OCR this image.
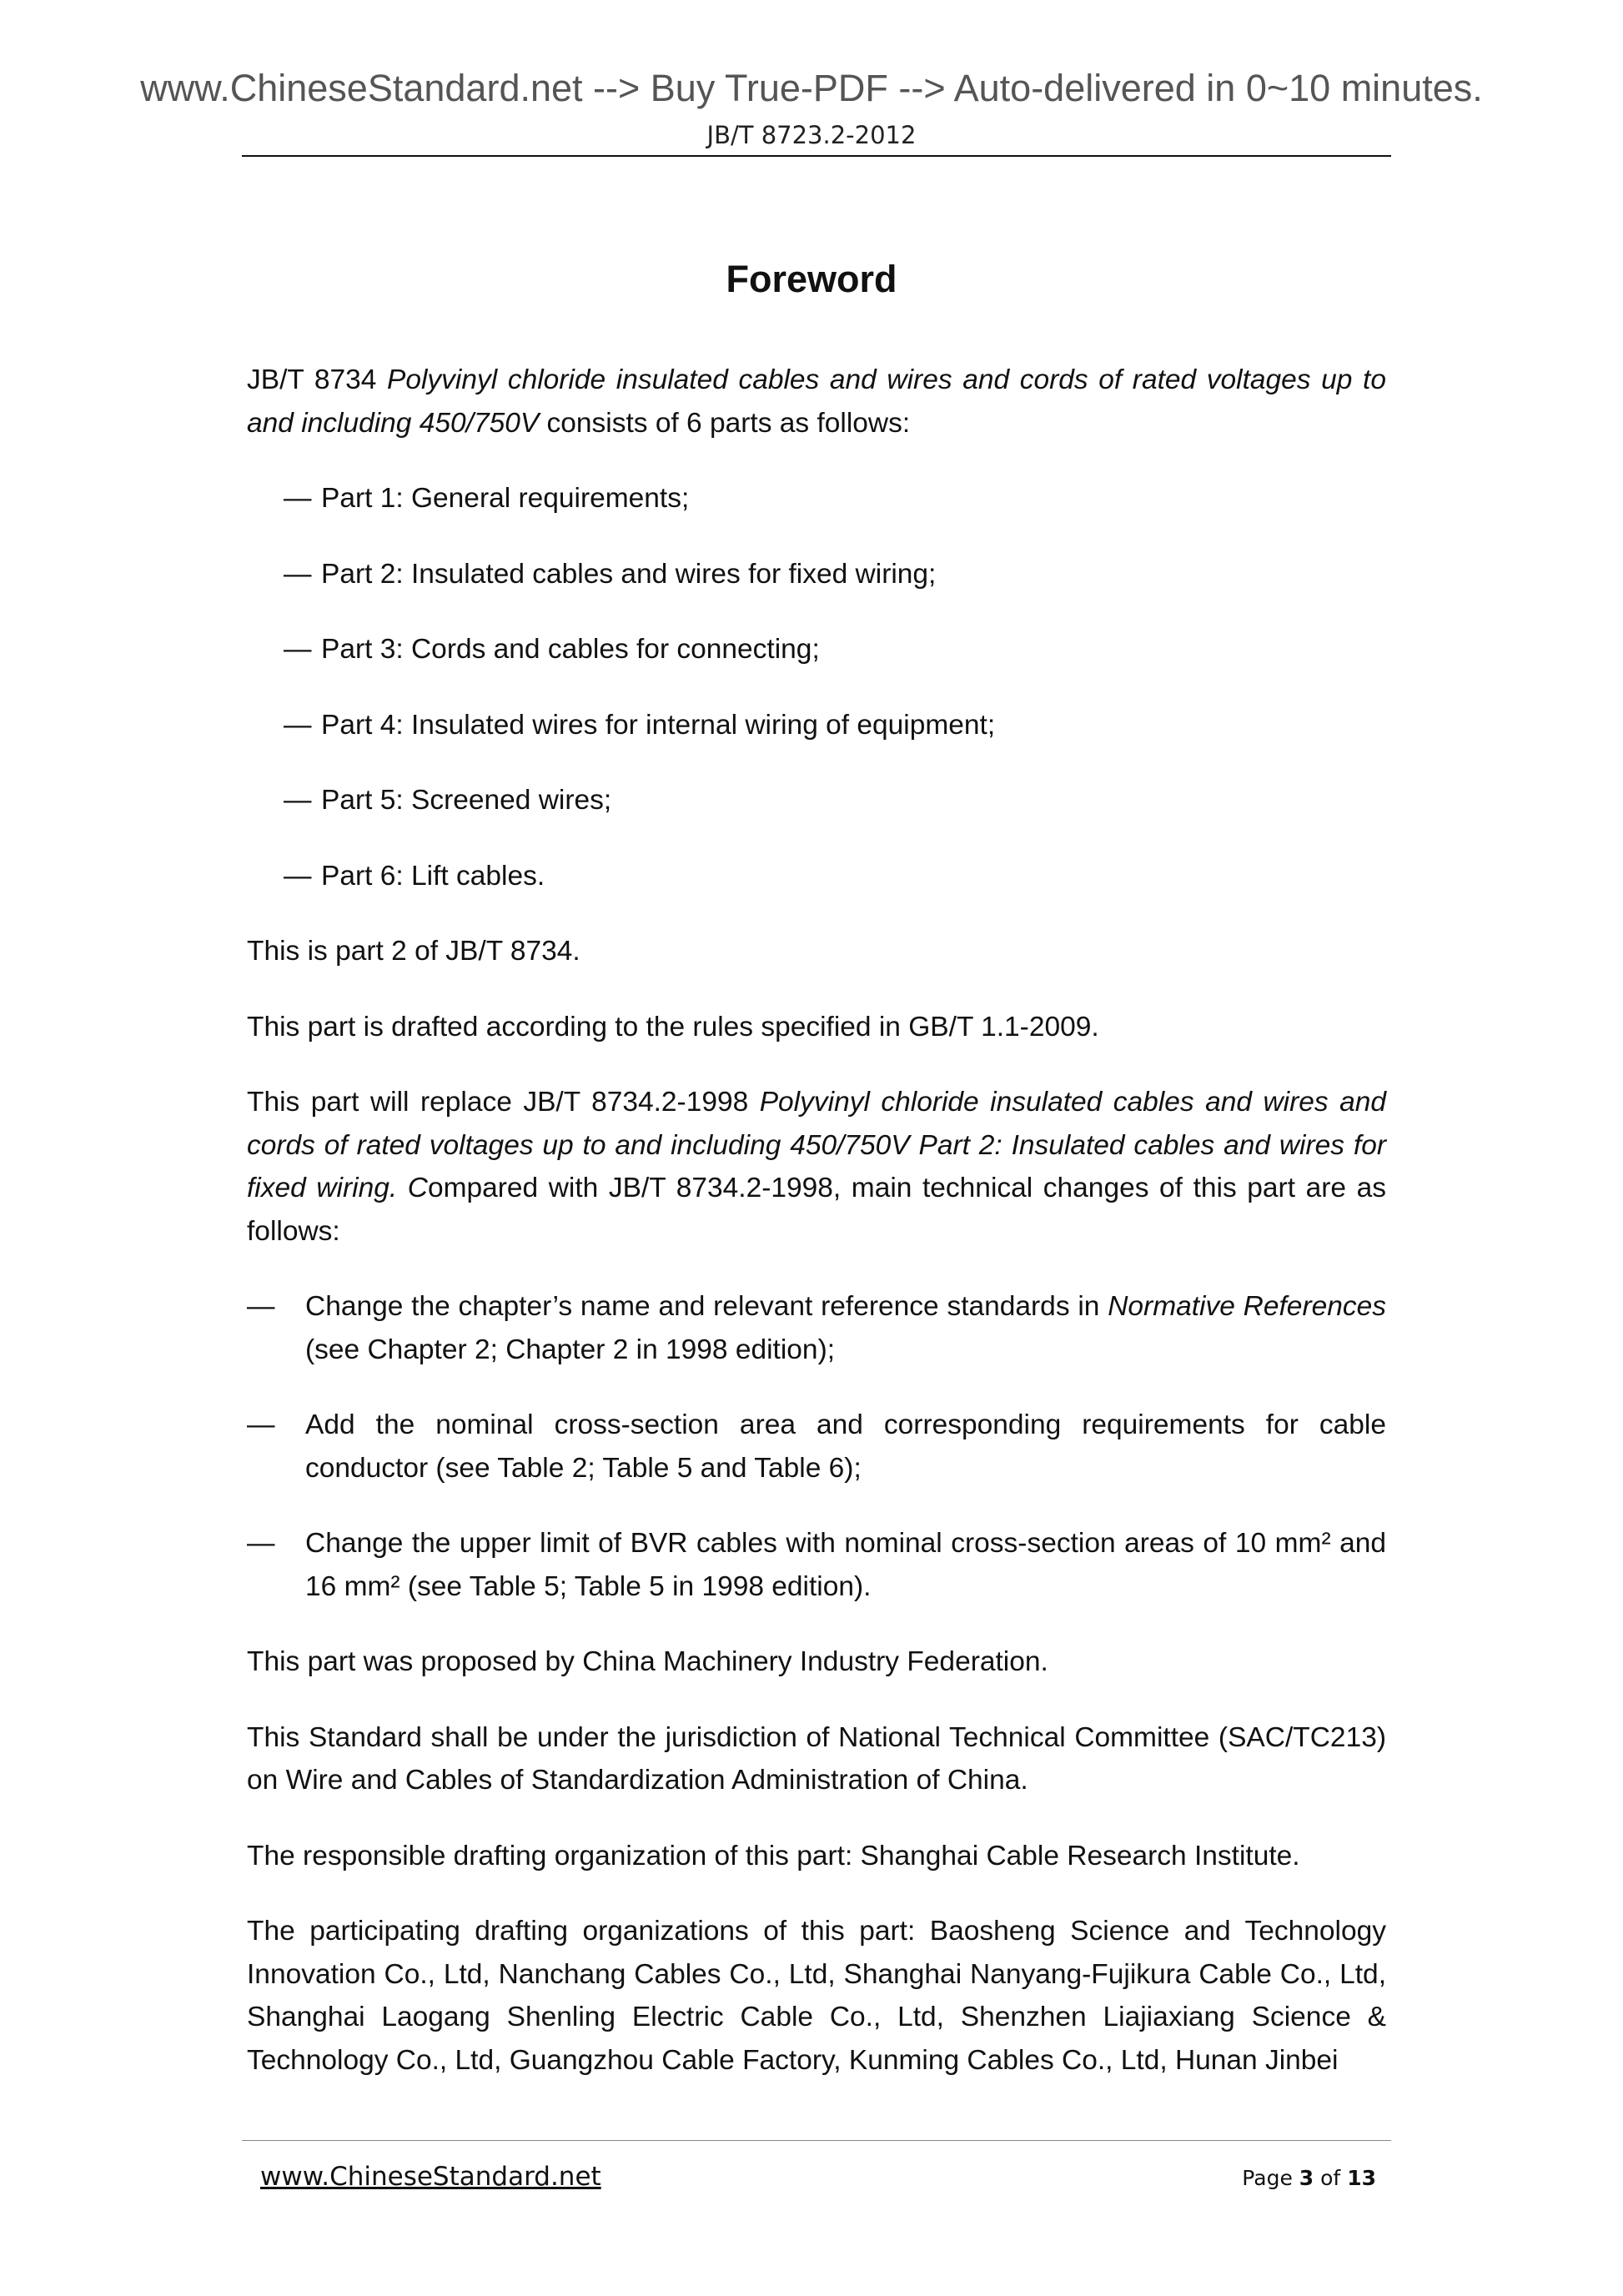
www.ChineseStandard.net --> Buy True-PDF --> Auto-delivered in 0~10 minutes.
JB/T 8723.2-2012
Foreword

JB/T 8734 Polyvinyl chloride insulated cables and wires and cords of rated voltages up to and including 450/750V consists of 6 parts as follows:

— Part 1: General requirements;
— Part 2: Insulated cables and wires for fixed wiring;
— Part 3: Cords and cables for connecting;
— Part 4: Insulated wires for internal wiring of equipment;
— Part 5: Screened wires;
— Part 6: Lift cables.

This is part 2 of JB/T 8734.

This part is drafted according to the rules specified in GB/T 1.1-2009.

This part will replace JB/T 8734.2-1998 Polyvinyl chloride insulated cables and wires and cords of rated voltages up to and including 450/750V Part 2: Insulated cables and wires for fixed wiring. Compared with JB/T 8734.2-1998, main technical changes of this part are as follows:

— Change the chapter’s name and relevant reference standards in Normative References (see Chapter 2; Chapter 2 in 1998 edition);
— Add the nominal cross-section area and corresponding requirements for cable conductor (see Table 2; Table 5 and Table 6);
— Change the upper limit of BVR cables with nominal cross-section areas of 10 mm² and 16 mm² (see Table 5; Table 5 in 1998 edition).

This part was proposed by China Machinery Industry Federation.

This Standard shall be under the jurisdiction of National Technical Committee (SAC/TC213) on Wire and Cables of Standardization Administration of China.

The responsible drafting organization of this part: Shanghai Cable Research Institute.

The participating drafting organizations of this part: Baosheng Science and Technology Innovation Co., Ltd, Nanchang Cables Co., Ltd, Shanghai Nanyang-Fujikura Cable Co., Ltd, Shanghai Laogang Shenling Electric Cable Co., Ltd, Shenzhen Liajiaxiang Science & Technology Co., Ltd, Guangzhou Cable Factory, Kunming Cables Co., Ltd, Hunan Jinbei

www.ChineseStandard.net	Page 3 of 13
